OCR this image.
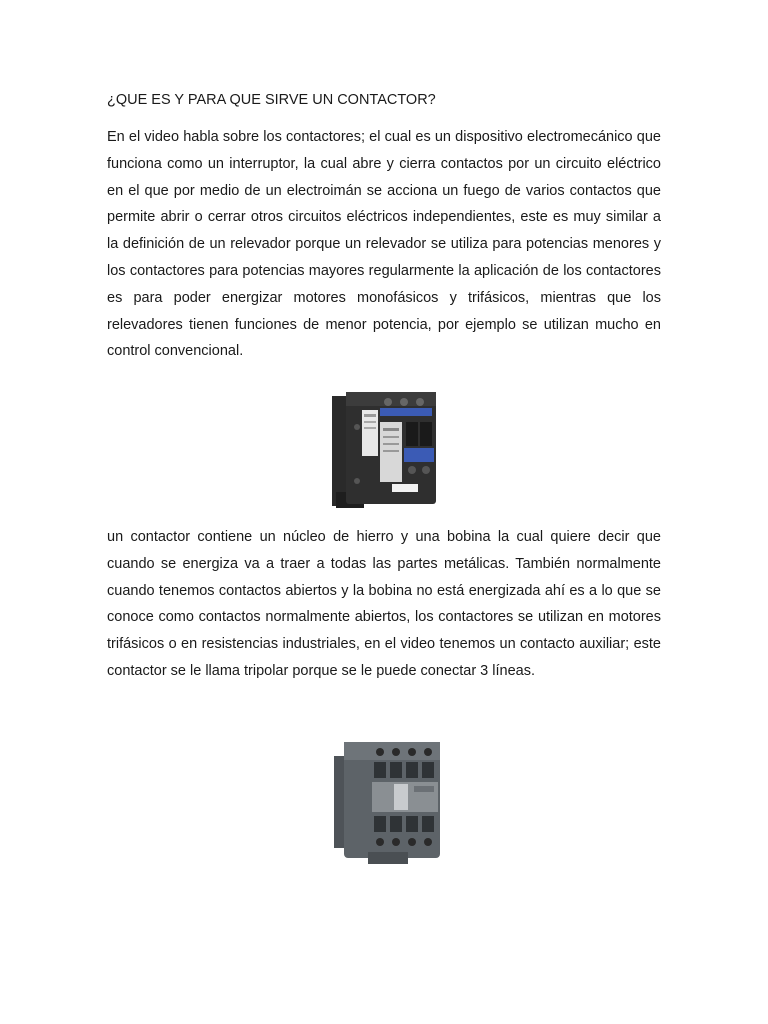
¿QUE ES Y PARA QUE SIRVE UN CONTACTOR?

En el video habla sobre los contactores; el cual es un dispositivo electromecánico que funciona como un interruptor, la cual abre y cierra contactos por un circuito eléctrico en el que por medio de un electroimán se acciona un fuego de varios contactos que permite abrir o cerrar otros circuitos eléctricos independientes, este es muy similar a la definición de un relevador porque un relevador se utiliza para potencias menores y los contactores para potencias mayores regularmente la aplicación de los contactores es para poder energizar motores monofásicos y trifásicos, mientras que los relevadores tienen funciones de menor potencia, por ejemplo se utilizan mucho en control convencional.

un contactor contiene un núcleo de hierro y una bobina la cual quiere decir que cuando se energiza va a traer a todas las partes metálicas. También normalmente cuando tenemos contactos abiertos y la bobina no está energizada ahí es a lo que se conoce como contactos normalmente abiertos, los contactores se utilizan en motores trifásicos o en resistencias industriales, en el video tenemos un contacto auxiliar; este contactor se le llama tripolar porque se le puede conectar 3 líneas.
